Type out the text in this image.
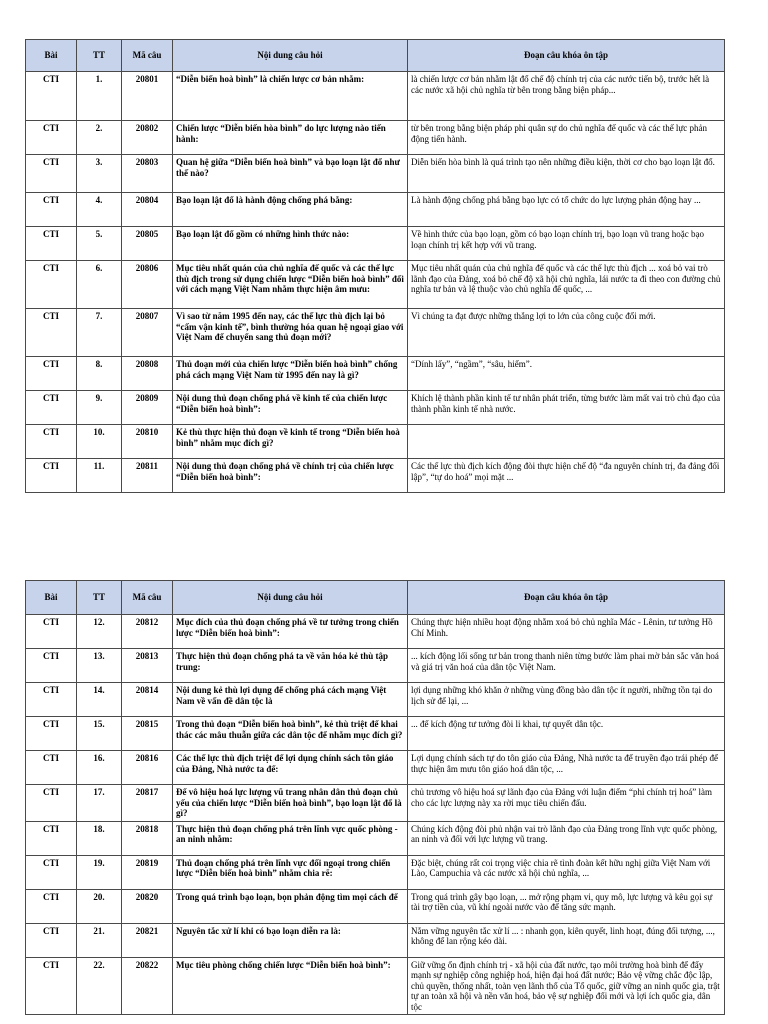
Bài	TT	Mã câu	Nội dung câu hỏi	Đoạn câu khóa ôn tập
CTI	1.	20801	“Diễn biến hoà bình” là chiến lược cơ bản nhằm:	là chiến lược cơ bản nhằm lật đổ chế độ chính trị của các nước tiến bộ, trước hết là các nước xã hội chủ nghĩa từ bên trong bằng biện pháp...
CTI	2.	20802	Chiến lược “Diễn biến hòa bình” do lực lượng nào tiến hành:	từ bên trong bằng biện pháp phi quân sự do chủ nghĩa đế quốc và các thế lực phản động tiến hành.
CTI	3.	20803	Quan hệ giữa “Diễn biến hoà bình” và bạo loạn lật đổ như thế nào?	Diễn biến hòa bình là quá trình tạo nên những điều kiện, thời cơ cho bạo loạn lật đổ.
CTI	4.	20804	Bạo loạn lật đổ là hành động chống phá bằng:	Là hành động chống phá bằng bạo lực có tổ chức do lực lượng phản động hay ...
CTI	5.	20805	Bạo loạn lật đổ gồm có những hình thức nào:	Về hình thức của bạo loạn, gồm có bạo loạn chính trị, bạo loạn vũ trang hoặc bạo loạn chính trị kết hợp với vũ trang.
CTI	6.	20806	Mục tiêu nhất quán của chủ nghĩa đế quốc và các thế lực thù địch trong sử dụng chiến lược “Diễn biến hoà bình” đối với cách mạng Việt Nam nhằm thực hiện âm mưu:	Mục tiêu nhất quán của chủ nghĩa đế quốc và các thế lực thù địch ... xoá bỏ vai trò lãnh đạo của Đảng, xoá bỏ chế độ xã hội chủ nghĩa, lái nước ta đi theo con đường chủ nghĩa tư bản và lệ thuộc vào chủ nghĩa đế quốc, ...
CTI	7.	20807	Vì sao từ năm 1995 đến nay, các thế lực thù địch lại bỏ “cấm vận kinh tế”, bình thường hóa quan hệ ngoại giao với Việt Nam để chuyển sang thủ đoạn mới?	Vì chúng ta đạt được những thắng lợi to lớn của công cuộc đổi mới.
CTI	8.	20808	Thủ đoạn mới của chiến lược “Diễn biến hoà bình” chống phá cách mạng Việt Nam từ 1995 đến nay là gì?	“Dính lấy”, “ngầm”, “sâu, hiểm”.
CTI	9.	20809	Nội dung thủ đoạn chống phá về kinh tế của chiến lược “Diễn biến hoà bình”:	Khích lệ thành phần kinh tế tư nhân phát triển, từng bước làm mất vai trò chủ đạo của thành phần kinh tế nhà nước.
CTI	10.	20810	Kẻ thù thực hiện thủ đoạn về kinh tế trong “Diễn biến hoà bình” nhằm mục đích gì?	
CTI	11.	20811	Nội dung thủ đoạn chống phá về chính trị của chiến lược “Diễn biến hoà bình”:	Các thế lực thù địch kích động đòi thực hiện chế độ “đa nguyên chính trị, đa đảng đối lập”, “tự do hoá” mọi mặt ...
Bài	TT	Mã câu	Nội dung câu hỏi	Đoạn câu khóa ôn tập
CTI	12.	20812	Mục đích của thủ đoạn chống phá về tư tưởng trong chiến lược “Diễn biến hoà bình”:	Chúng thực hiện nhiều hoạt động nhằm xoá bỏ chủ nghĩa Mác - Lênin, tư tưởng Hồ Chí Minh.
CTI	13.	20813	Thực hiện thủ đoạn chống phá ta về văn hóa kẻ thù tập trung:	... kích động lối sống tư bản trong thanh niên từng bước làm phai mờ bản sắc văn hoá và giá trị văn hoá của dân tộc Việt Nam.
CTI	14.	20814	Nội dung kẻ thù lợi dụng để chống phá cách mạng Việt Nam về vấn đề dân tộc là	lợi dụng những khó khăn ở những vùng đồng bào dân tộc ít người, những tồn tại do lịch sử để lại, ...
CTI	15.	20815	Trong thủ đoạn “Diễn biến hoà bình”, kẻ thù triệt để khai thác các mâu thuẫn giữa các dân tộc để nhằm mục đích gì?	... để kích động tư tưởng đòi li khai, tự quyết dân tộc.
CTI	16.	20816	Các thế lực thù địch triệt để lợi dụng chính sách tôn giáo của Đảng, Nhà nước ta để:	Lợi dụng chính sách tự do tôn giáo của Đảng, Nhà nước ta để truyền đạo trái phép để thực hiện âm mưu tôn giáo hoá dân tộc, ...
CTI	17.	20817	Để vô hiệu hoá lực lượng vũ trang nhân dân thủ đoạn chủ yếu của chiến lược “Diễn biến hoà bình”, bạo loạn lật đổ là gì?	chủ trương vô hiệu hoá sự lãnh đạo của Đảng với luận điểm “phi chính trị hoá” làm cho các lực lượng này xa rời mục tiêu chiến đấu.
CTI	18.	20818	Thực hiện thủ đoạn chống phá trên lĩnh vực quốc phòng - an ninh nhằm:	Chúng kích động đòi phủ nhận vai trò lãnh đạo của Đảng trong lĩnh vực quốc phòng, an ninh và đối với lực lượng vũ trang.
CTI	19.	20819	Thủ đoạn chống phá trên lĩnh vực đối ngoại trong chiến lược “Diễn biến hoà bình” nhằm chia rẽ:	Đặc biệt, chúng rất coi trọng việc chia rẽ tình đoàn kết hữu nghị giữa Việt Nam với Lào, Campuchia và các nước xã hội chủ nghĩa, ...
CTI	20.	20820	Trong quá trình bạo loạn, bọn phản động tìm mọi cách để	Trong quá trình gây bạo loạn, ... mở rộng phạm vi, quy mô, lực lượng và kêu gọi sự tài trợ tiền của, vũ khí ngoài nước vào để tăng sức mạnh.
CTI	21.	20821	Nguyên tắc xử lí khi có bạo loạn diễn ra là:	Nắm vững nguyên tắc xử lí ... : nhanh gọn, kiên quyết, linh hoạt, đúng đối tượng, ..., không để lan rộng kéo dài.
CTI	22.	20822	Mục tiêu phòng chống chiến lược “Diễn biến hoà bình”:	Giữ vững ổn định chính trị - xã hội của đất nước, tạo môi trường hoà bình để đẩy mạnh sự nghiệp công nghiệp hoá, hiện đại hoá đất nước; Bảo vệ vững chắc độc lập, chủ quyền, thống nhất, toàn vẹn lãnh thổ của Tổ quốc, giữ vững an ninh quốc gia, trật tự an toàn xã hội và nền văn hoá, bảo vệ sự nghiệp đổi mới và lợi ích quốc gia, dân tộc
